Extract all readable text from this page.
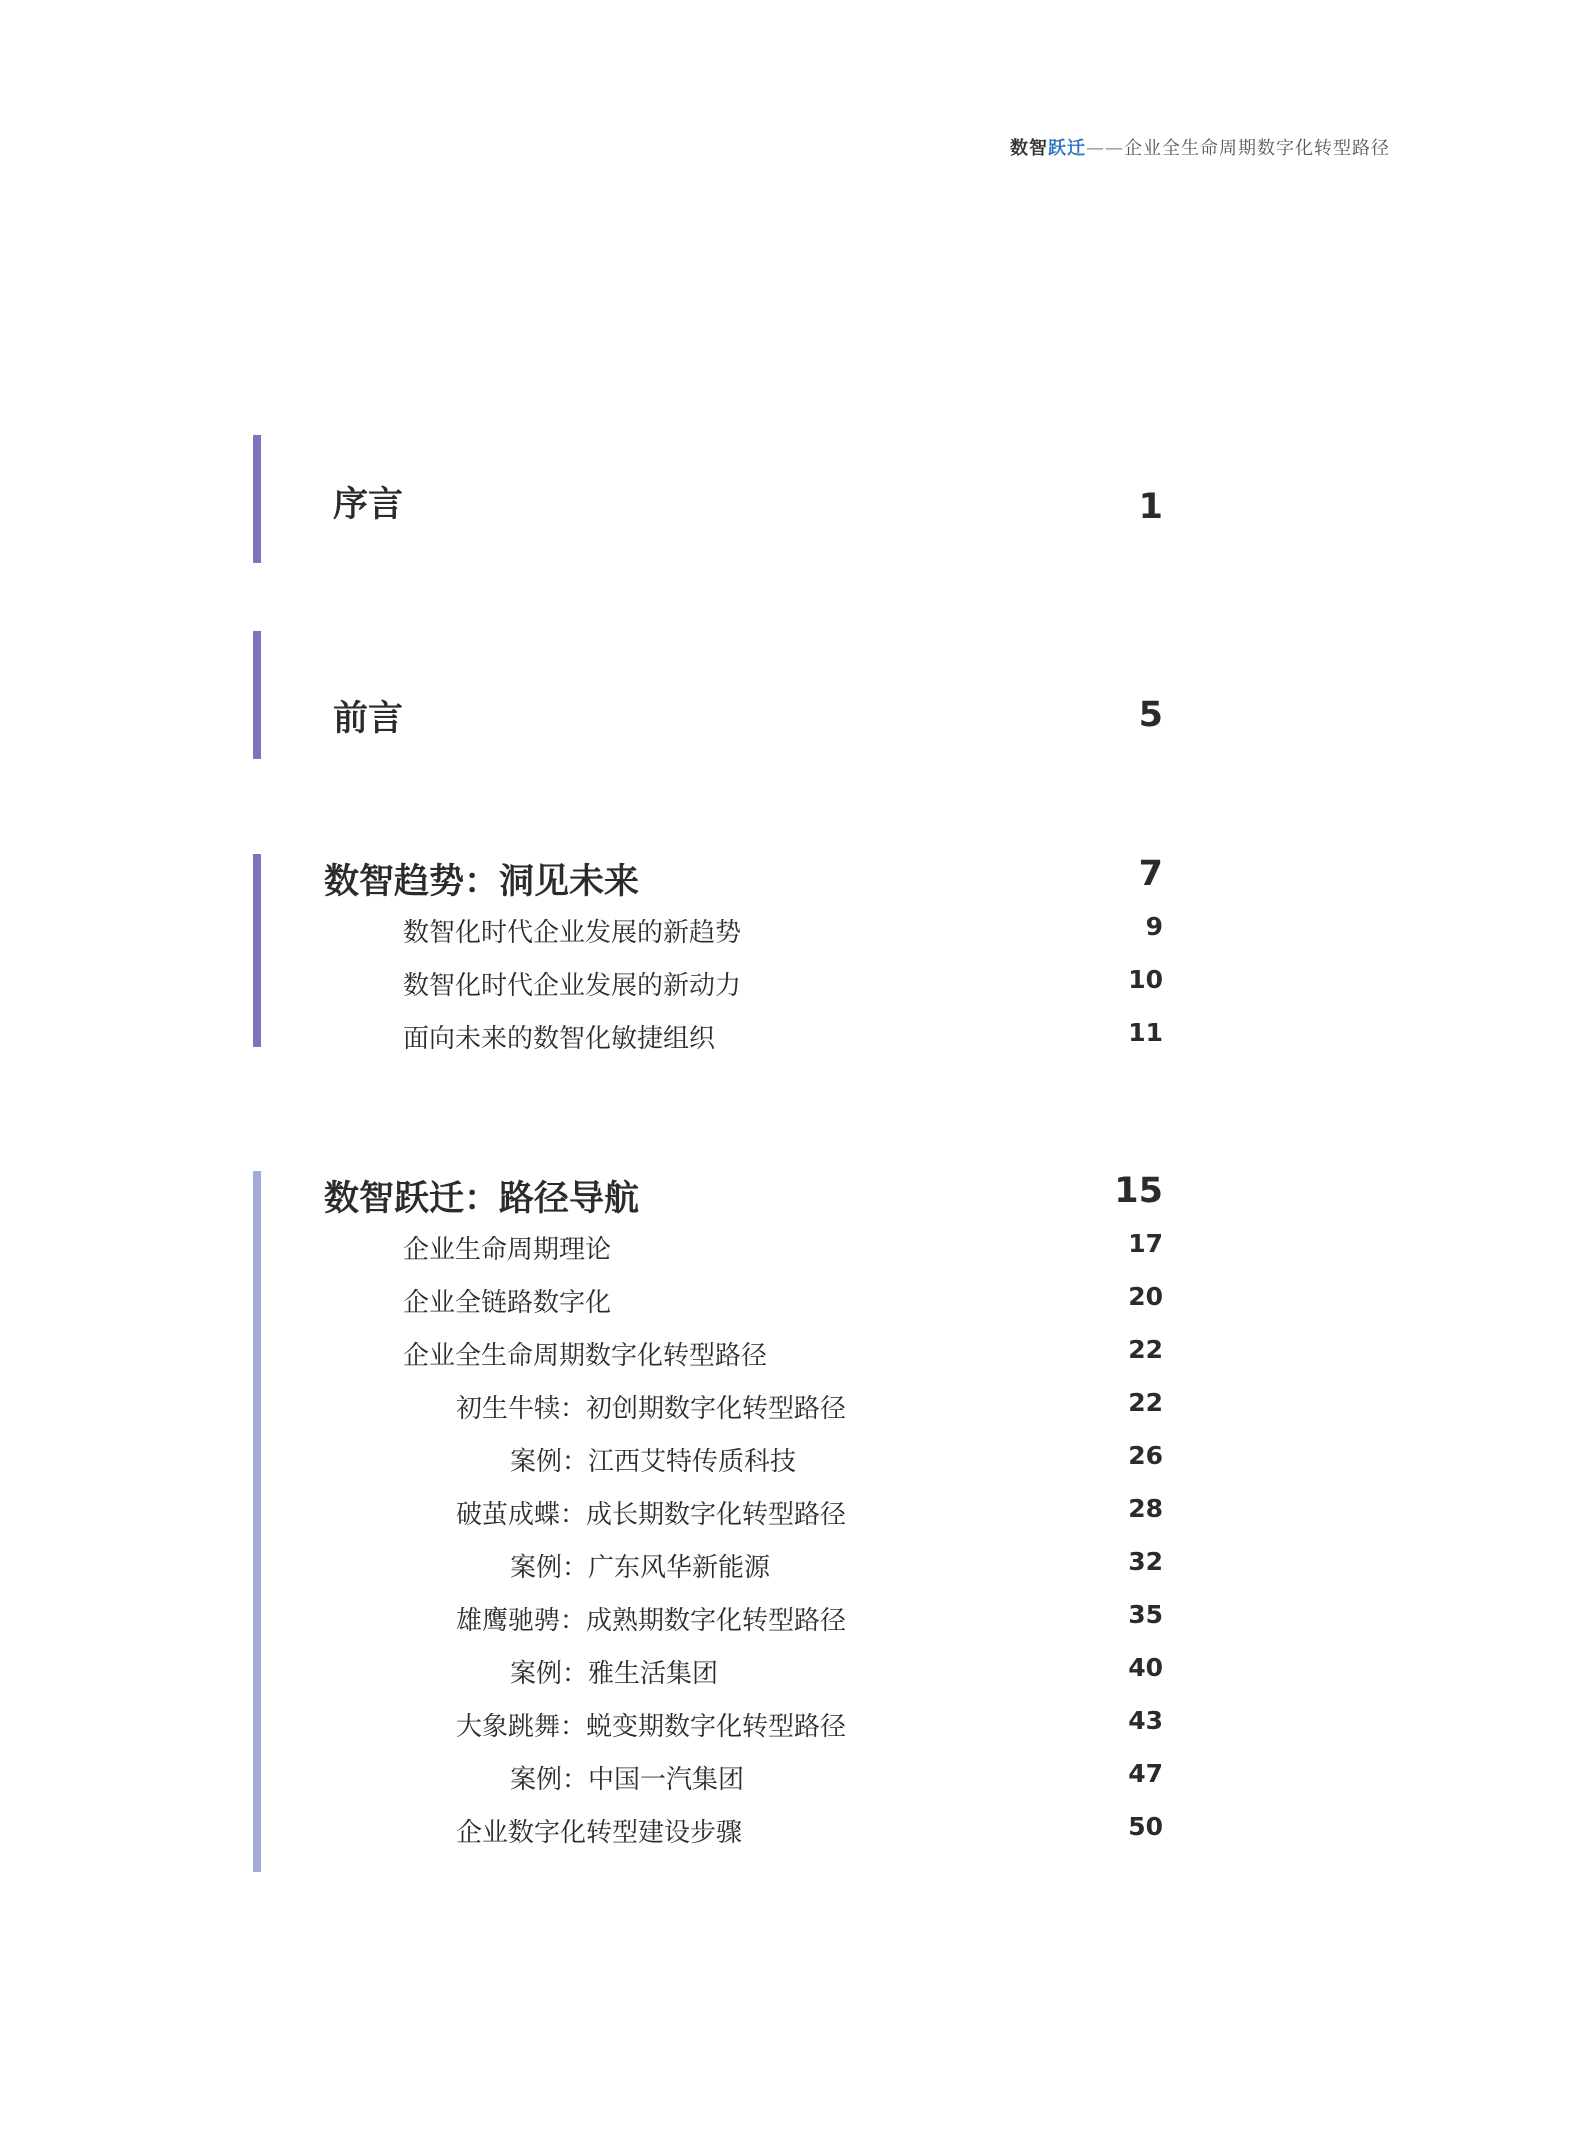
数智跃迁——企业全生命周期数字化转型路径
序言	1
前言	5
数智趋势：洞见未来	7
数智化时代企业发展的新趋势	9
数智化时代企业发展的新动力	10
面向未来的数智化敏捷组织	11
数智跃迁：路径导航	15
企业生命周期理论	17
企业全链路数字化	20
企业全生命周期数字化转型路径	22
初生牛犊：初创期数字化转型路径	22
案例：江西艾特传质科技	26
破茧成蝶：成长期数字化转型路径	28
案例：广东风华新能源	32
雄鹰驰骋：成熟期数字化转型路径	35
案例：雅生活集团	40
大象跳舞：蜕变期数字化转型路径	43
案例：中国一汽集团	47
企业数字化转型建设步骤	50
